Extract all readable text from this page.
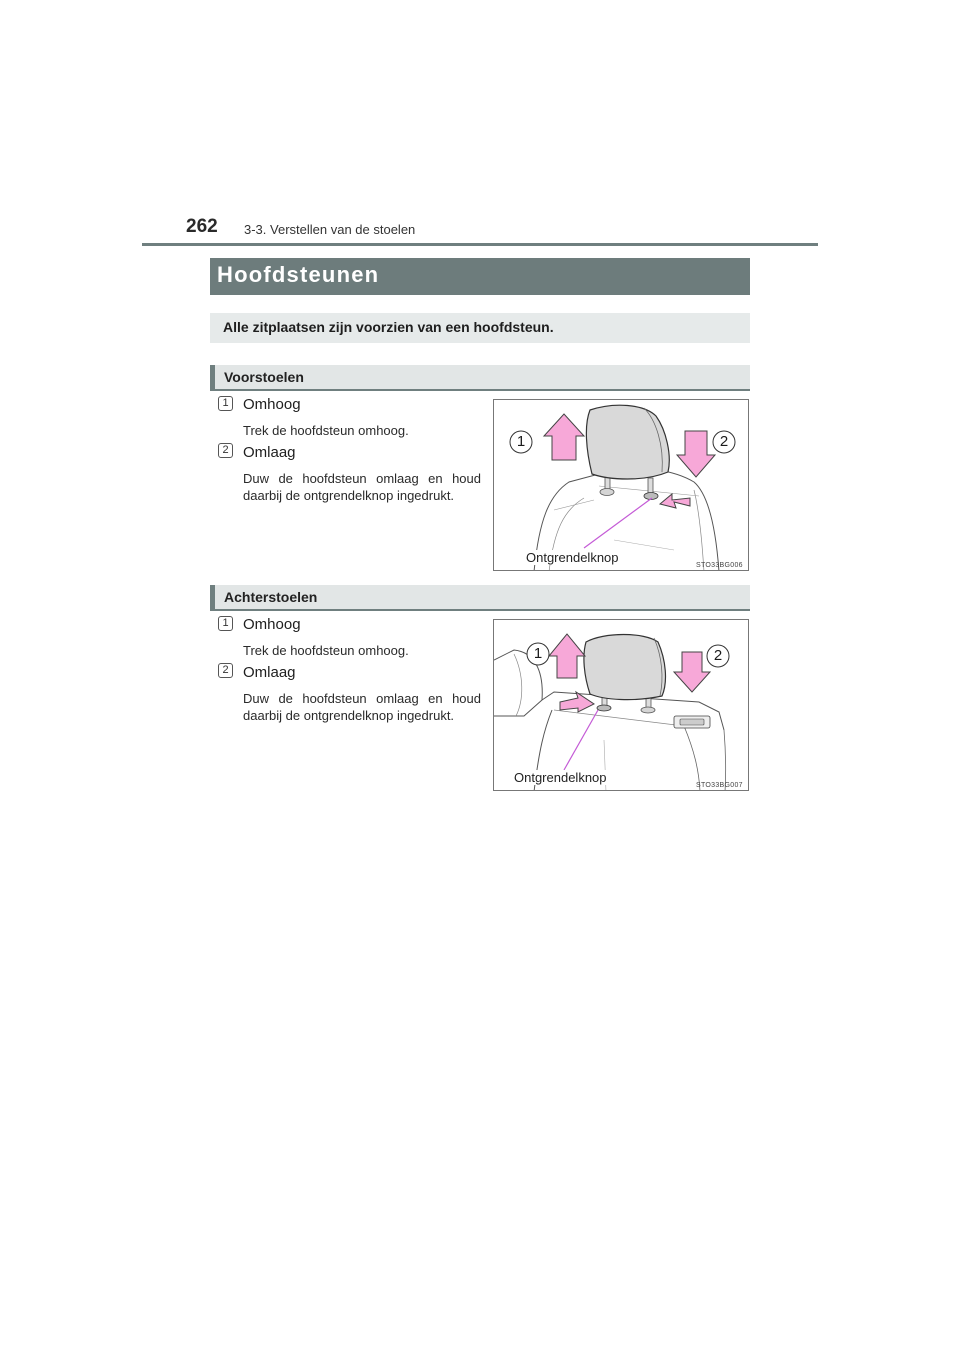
262 3-3. Verstellen van de stoelen
Hoofdsteunen
Alle zitplaatsen zijn voorzien van een hoofdsteun.
Voorstoelen
1 Omhoog
Trek de hoofdsteun omhoog.
2 Omlaag
Duw de hoofdsteun omlaag en houd daarbij de ontgrendelknop ingedrukt.
1	2
Ontgrendelknop
STO33BG006
Achterstoelen
1 Omhoog
Trek de hoofdsteun omhoog.
2 Omlaag
Duw de hoofdsteun omlaag en houd daarbij de ontgrendelknop ingedrukt.
1	2
Ontgrendelknop
STO33BG007
